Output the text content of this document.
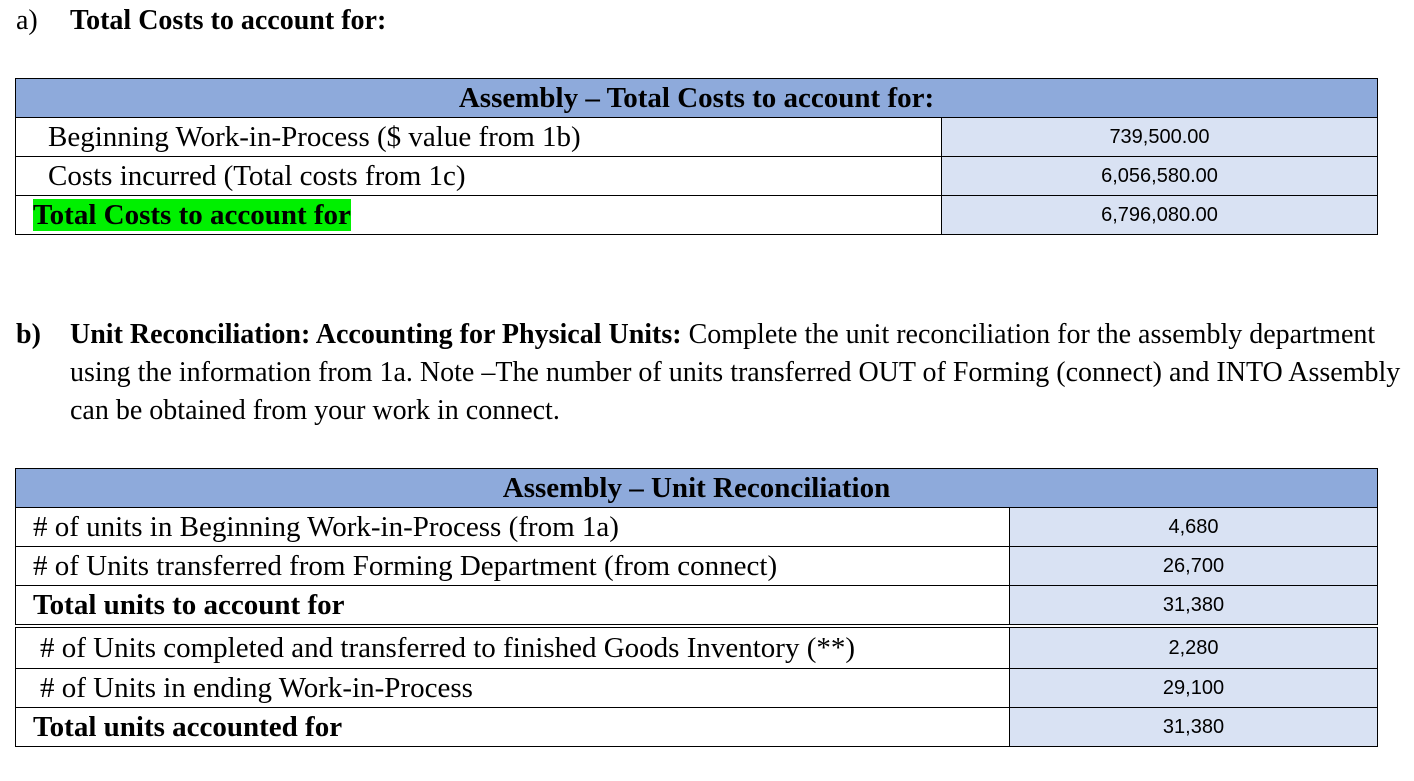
a) Total Costs to account for:
Assembly – Total Costs to account for:	
Beginning Work-in-Process ($ value from 1b)	739,500.00
Costs incurred (Total costs from 1c)	6,056,580.00
Total Costs to account for	6,796,080.00
b) Unit Reconciliation: Accounting for Physical Units: Complete the unit reconciliation for the assembly department using the information from 1a. Note –The number of units transferred OUT of Forming (connect) and INTO Assembly can be obtained from your work in connect.
Assembly – Unit Reconciliation	
# of units in Beginning Work-in-Process (from 1a)	4,680
# of Units transferred from Forming Department (from connect)	26,700
Total units to account for	31,380
# of Units completed and transferred to finished Goods Inventory (**)	2,280
# of Units in ending Work-in-Process	29,100
Total units accounted for	31,380
